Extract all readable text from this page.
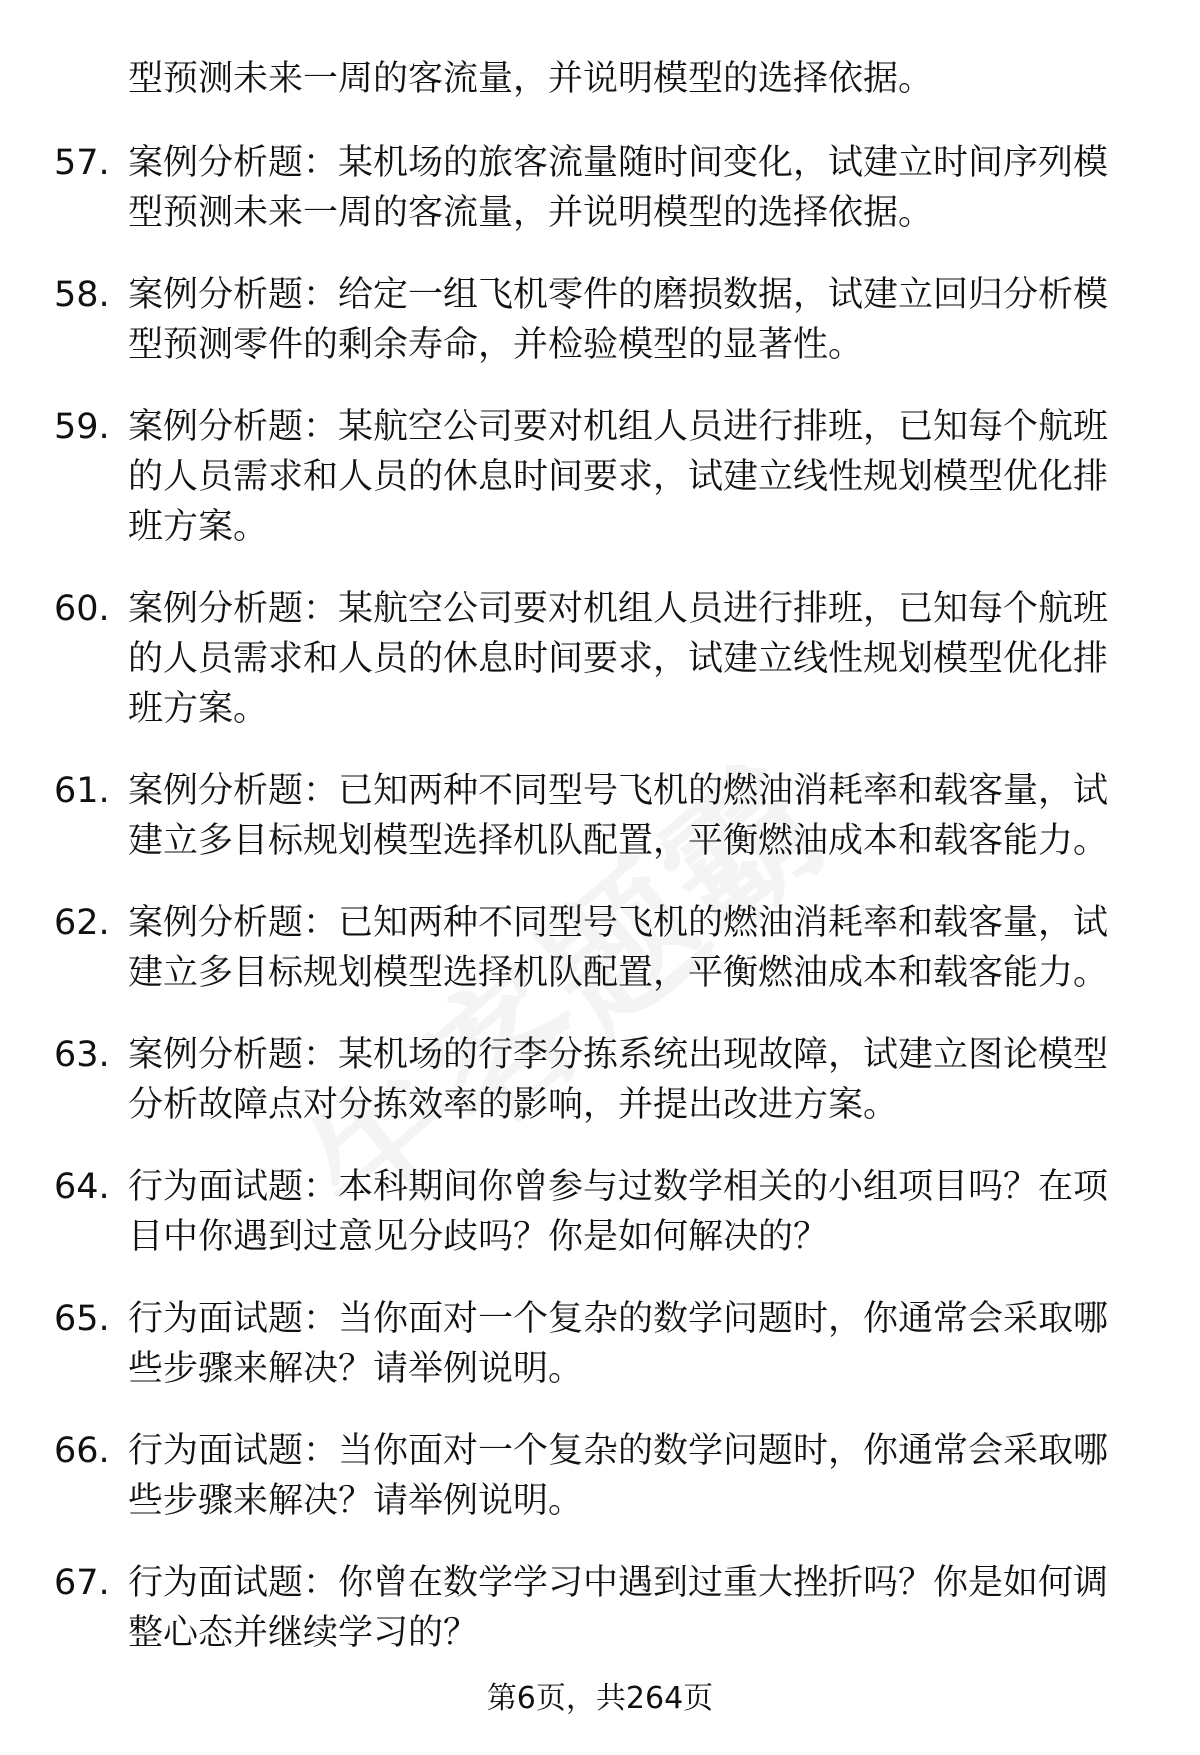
型预测未来一周的客流量，并说明模型的选择依据。
57. 案例分析题：某机场的旅客流量随时间变化，试建立时间序列模型预测未来一周的客流量，并说明模型的选择依据。
58. 案例分析题：给定一组飞机零件的磨损数据，试建立回归分析模型预测零件的剩余寿命，并检验模型的显著性。
59. 案例分析题：某航空公司要对机组人员进行排班，已知每个航班的人员需求和人员的休息时间要求，试建立线性规划模型优化排班方案。
60. 案例分析题：某航空公司要对机组人员进行排班，已知每个航班的人员需求和人员的休息时间要求，试建立线性规划模型优化排班方案。
61. 案例分析题：已知两种不同型号飞机的燃油消耗率和载客量，试建立多目标规划模型选择机队配置，平衡燃油成本和载客能力。
62. 案例分析题：已知两种不同型号飞机的燃油消耗率和载客量，试建立多目标规划模型选择机队配置，平衡燃油成本和载客能力。
63. 案例分析题：某机场的行李分拣系统出现故障，试建立图论模型分析故障点对分拣效率的影响，并提出改进方案。
64. 行为面试题：本科期间你曾参与过数学相关的小组项目吗？在项目中你遇到过意见分歧吗？你是如何解决的？
65. 行为面试题：当你面对一个复杂的数学问题时，你通常会采取哪些步骤来解决？请举例说明。
66. 行为面试题：当你面对一个复杂的数学问题时，你通常会采取哪些步骤来解决？请举例说明。
67. 行为面试题：你曾在数学学习中遇到过重大挫折吗？你是如何调整心态并继续学习的？
第6页，共264页
